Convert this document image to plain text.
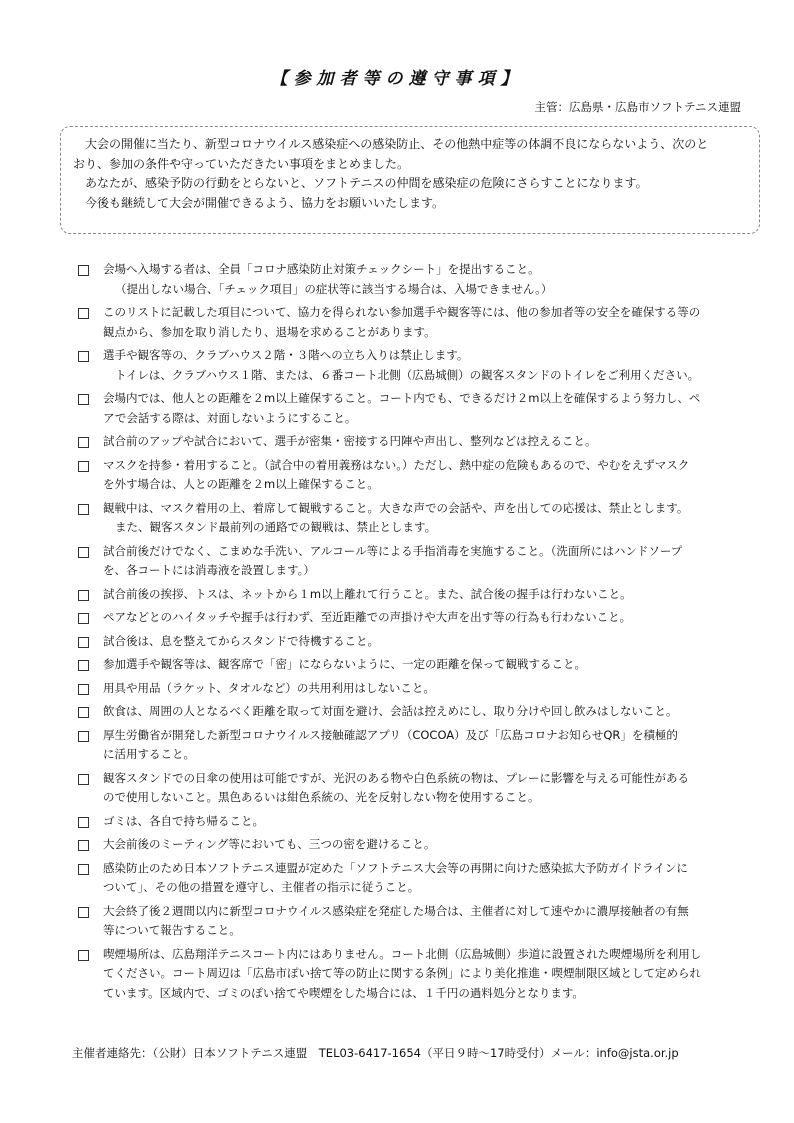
【参加者等の遵守事項】
主管：広島県・広島市ソフトテニス連盟

大会の開催に当たり、新型コロナウイルス感染症への感染防止、その他熱中症等の体調不良にならないよう、次のと

おり、参加の条件や守っていただきたい事項をまとめました。

あなたが、感染予防の行動をとらないと、ソフトテニスの仲間を感染症の危険にさらすことになります。

今後も継続して大会が開催できるよう、協力をお願いいたします。

会場へ入場する者は、全員「コロナ感染防止対策チェックシート」を提出すること。
（提出しない場合、「チェック項目」の症状等に該当する場合は、入場できません。）
このリストに記載した項目について、協力を得られない参加選手や観客等には、他の参加者等の安全を確保する等の
観点から、参加を取り消したり、退場を求めることがあります。
選手や観客等の、クラブハウス２階・３階への立ち入りは禁止します。
トイレは、クラブハウス１階、または、６番コート北側（広島城側）の観客スタンドのトイレをご利用ください。
会場内では、他人との距離を２m以上確保すること。コート内でも、できるだけ２m以上を確保するよう努力し、ペ
アで会話する際は、対面しないようにすること。
試合前のアップや試合において、選手が密集・密接する円陣や声出し、整列などは控えること。
マスクを持参・着用すること。（試合中の着用義務はない。）ただし、熱中症の危険もあるので、やむをえずマスク
を外す場合は、人との距離を２m以上確保すること。
観戦中は、マスク着用の上、着席して観戦すること。大きな声での会話や、声を出しての応援は、禁止とします。
また、観客スタンド最前列の通路での観戦は、禁止とします。
試合前後だけでなく、こまめな手洗い、アルコール等による手指消毒を実施すること。（洗面所にはハンドソープ
を、各コートには消毒液を設置します。）
試合前後の挨拶、トスは、ネットから１m以上離れて行うこと。また、試合後の握手は行わないこと。
ペアなどとのハイタッチや握手は行わず、至近距離での声掛けや大声を出す等の行為も行わないこと。
試合後は、息を整えてからスタンドで待機すること。
参加選手や観客等は、観客席で「密」にならないように、一定の距離を保って観戦すること。
用具や用品（ラケット、タオルなど）の共用利用はしないこと。
飲食は、周囲の人となるべく距離を取って対面を避け、会話は控えめにし、取り分けや回し飲みはしないこと。
厚生労働省が開発した新型コロナウイルス接触確認アプリ（COCOA）及び「広島コロナお知らせQR」を積極的
に活用すること。
観客スタンドでの日傘の使用は可能ですが、光沢のある物や白色系統の物は、プレーに影響を与える可能性がある
ので使用しないこと。黒色あるいは紺色系統の、光を反射しない物を使用すること。
ゴミは、各自で持ち帰ること。
大会前後のミーティング等においても、三つの密を避けること。
感染防止のため日本ソフトテニス連盟が定めた「ソフトテニス大会等の再開に向けた感染拡大予防ガイドラインに
ついて」、その他の措置を遵守し、主催者の指示に従うこと。
大会終了後２週間以内に新型コロナウイルス感染症を発症した場合は、主催者に対して速やかに濃厚接触者の有無
等について報告すること。
喫煙場所は、広島翔洋テニスコート内にはありません。コート北側（広島城側）歩道に設置された喫煙場所を利用し
てください。コート周辺は「広島市ぽい捨て等の防止に関する条例」により美化推進・喫煙制限区域として定められ
ています。区域内で、ゴミのぽい捨てや喫煙をした場合には、１千円の過料処分となります。
主催者連絡先：（公財）日本ソフトテニス連盟　TEL03-6417-1654（平日９時～17時受付）メール：info@jsta.or.jp
